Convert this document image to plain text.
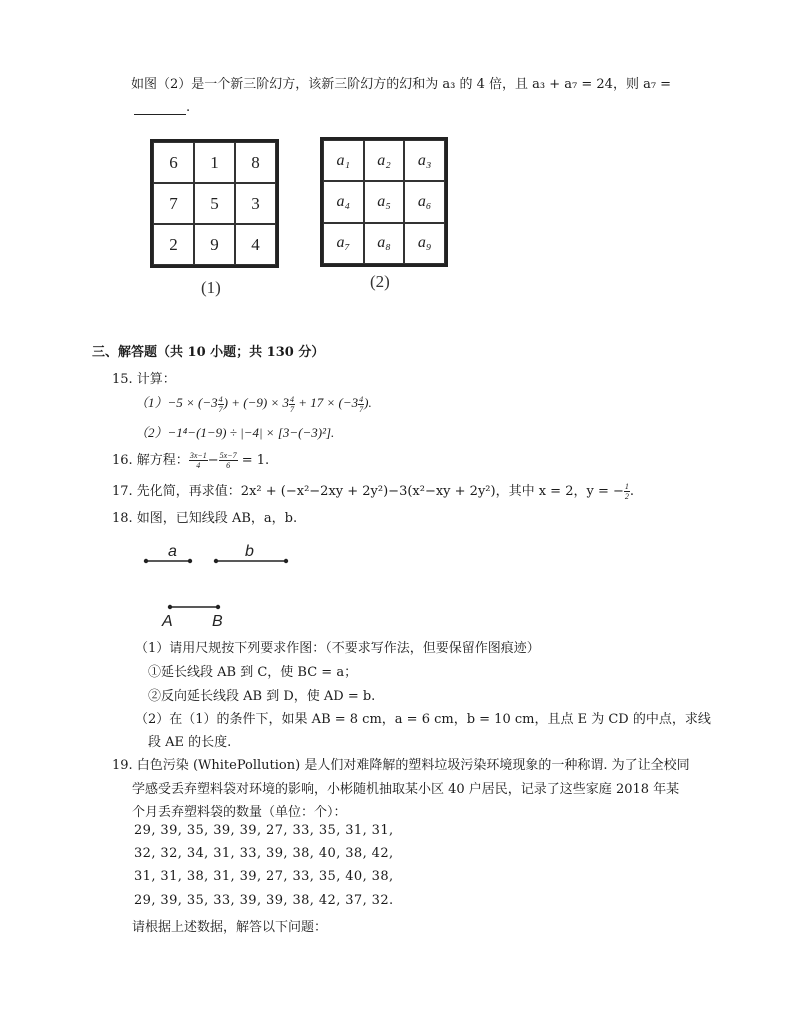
如图（2）是一个新三阶幻方，该新三阶幻方的幻和为 a₃ 的 4 倍，且 a₃ + a₇ = 24，则 a₇ =
.
6	1	8
7	5	3
2	9	4
(1)
a₁	a₂	a₃
a₄	a₅	a₆
a₇	a₈	a₉
(2)
三、解答题（共 10 小题；共 130 分）
15. 计算：
$(1)-5 \times (-3 \frac{4}{7}$ ) + $(-9) \times 3 \frac{4}{7} + 17 \times (-3 \frac{4}{7}$ ).
（2）−1⁴−(1−9) ÷ |−4| × [3−(−3)²].
16. 解方程： $\frac{3x-1}{4} - \frac{5x-7}{6} = 1$.
17. 先化简，再求值：2x² + (−x²−2xy + 2y²)−3(x²−xy + 2y²)，其中 x = 2，y = − $\frac{1}{2}$ .
18. 如图，已知线段 AB，a，b.
a	b
A B
（1）请用尺规按下列要求作图：（不要求写作法，但要保留作图痕迹）
①延长线段 AB 到 C，使 BC = a；
②反向延长线段 AB 到 D，使 AD = b.
（2）在（1）的条件下，如果 AB = 8 cm，a = 6 cm，b = 10 cm，且点 E 为 CD 的中点，求线
段 AE 的长度.
19. 白色污染 (WhitePollution) 是人们对难降解的塑料垃圾污染环境现象的一种称谓. 为了让全校同
学感受丢弃塑料袋对环境的影响，小彬随机抽取某小区 40 户居民，记录了这些家庭 2018 年某
个月丢弃塑料袋的数量（单位：个）：
29, 39, 35, 39, 39, 27, 33, 35, 31, 31,
32, 32, 34, 31, 33, 39, 38, 40, 38, 42,
31, 31, 38, 31, 39, 27, 33, 35, 40, 38,
29, 39, 35, 33, 39, 39, 38, 42, 37, 32.
请根据上述数据，解答以下问题：
